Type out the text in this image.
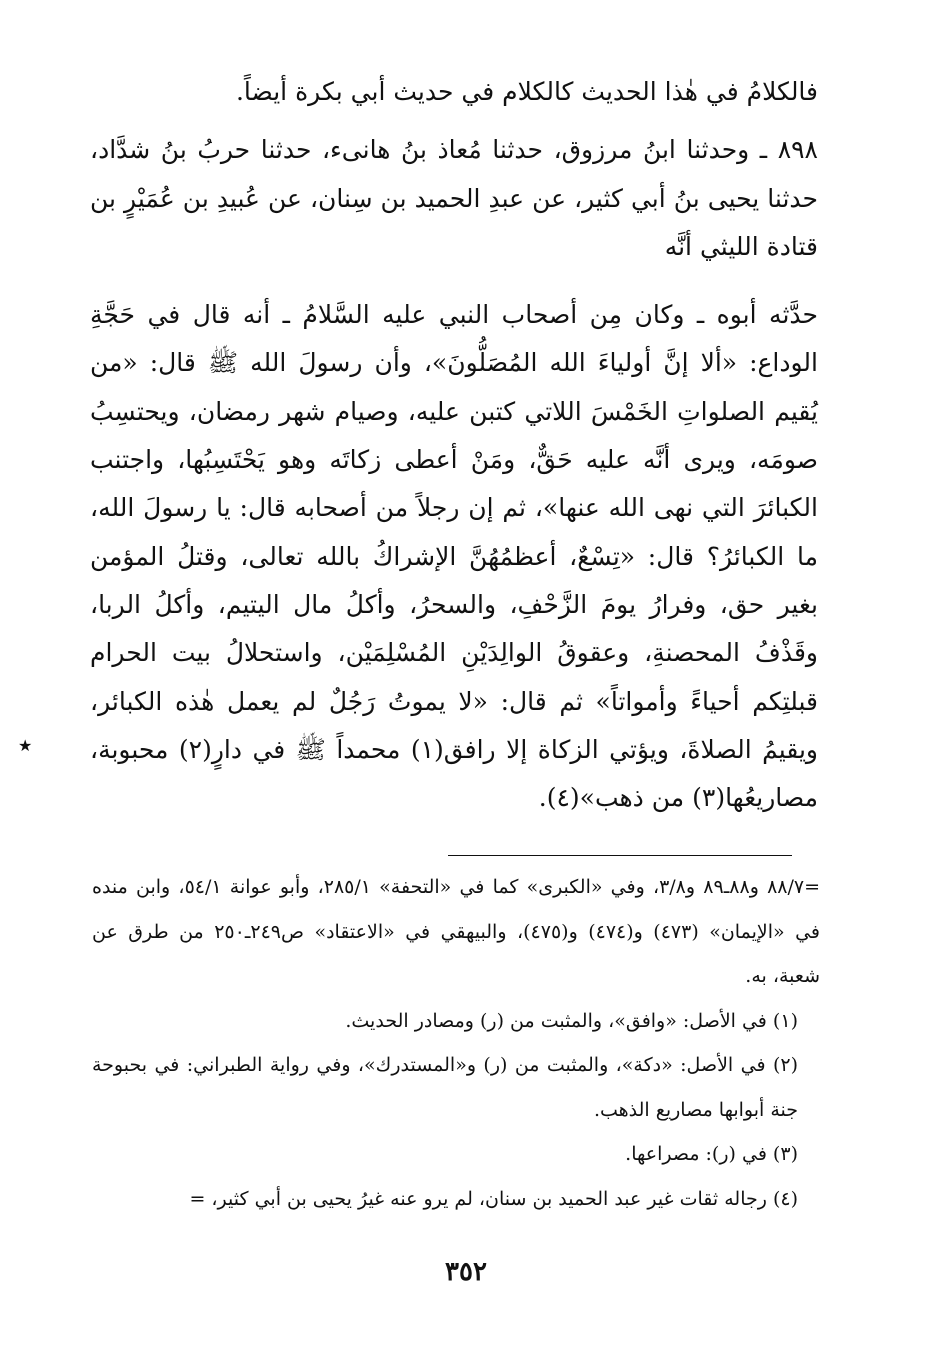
فالكلامُ في هٰذا الحديث كالكلام في حديث أبي بكرة أيضاً.

٨٩٨ ـ وحدثنا ابنُ مرزوق، حدثنا مُعاذ بنُ هانىء، حدثنا حربُ بنُ شدَّاد، حدثنا يحيى بنُ أبي كثير، عن عبدِ الحميد بن سِنان، عن عُبيدِ بن عُمَيْرٍ بن قتادة الليثي أنَّه

حدَّثه أبوه ـ وكان مِن أصحاب النبي عليه السَّلامُ ـ أنه قال في حَجَّةِ الوداع: «ألا إنَّ أولياءَ الله المُصَلُّونَ»، وأن رسولَ الله ﷺ قال: «من يُقيم الصلواتِ الخَمْسَ اللاتي كتبن عليه، وصيام شهر رمضان، ويحتسِبُ صومَه، ويرى أنَّه عليه حَقٌّ، ومَنْ أعطى زكاتَه وهو يَحْتَسِبُها، واجتنب الكبائرَ التي نهى الله عنها»، ثم إن رجلاً من أصحابه قال: يا رسولَ الله، ما الكبائرُ؟ قال: «تِسْعٌ، أعظمُهُنَّ الإشراكُ بالله تعالى، وقتلُ المؤمن بغير حق، وفرارُ يومَ الزَّحْفِ، والسحرُ، وأكلُ مال اليتيم، وأكلُ الربا، وقَذْفُ المحصنةِ، وعقوقُ الوالِدَيْنِ المُسْلِمَيْن، واستحلالُ بيت الحرام قبلتِكم أحياءً وأمواتاً» ثم قال: «لا يموتُ رَجُلٌ لم يعمل هٰذه الكبائر، ويقيمُ الصلاةَ، ويؤتي الزكاة إلا رافق(١) محمداً ﷺ في دارٍ(٢) محبوبة، مصاريعُها(٣) من ذهب»(٤).

★

=٨٨/٧ و٨٨ـ٨٩ و٣/٨، وفي «الكبرى» كما في «التحفة» ٢٨٥/١، وأبو عوانة ٥٤/١، وابن منده في «الإيمان» (٤٧٣) و(٤٧٤) و(٤٧٥)، والبيهقي في «الاعتقاد» ص٢٤٩ـ٢٥٠ من طرق عن شعبة، به.

(١) في الأصل: «وافق»، والمثبت من (ر) ومصادر الحديث.

(٢) في الأصل: «دكة»، والمثبت من (ر) و«المستدرك»، وفي رواية الطبراني: في بحبوحة جنة أبوابها مصاريع الذهب.

(٣) في (ر): مصراعها.

(٤) رجاله ثقات غير عبد الحميد بن سنان، لم يرو عنه غيرُ يحيى بن أبي كثير، =

٣٥٢
